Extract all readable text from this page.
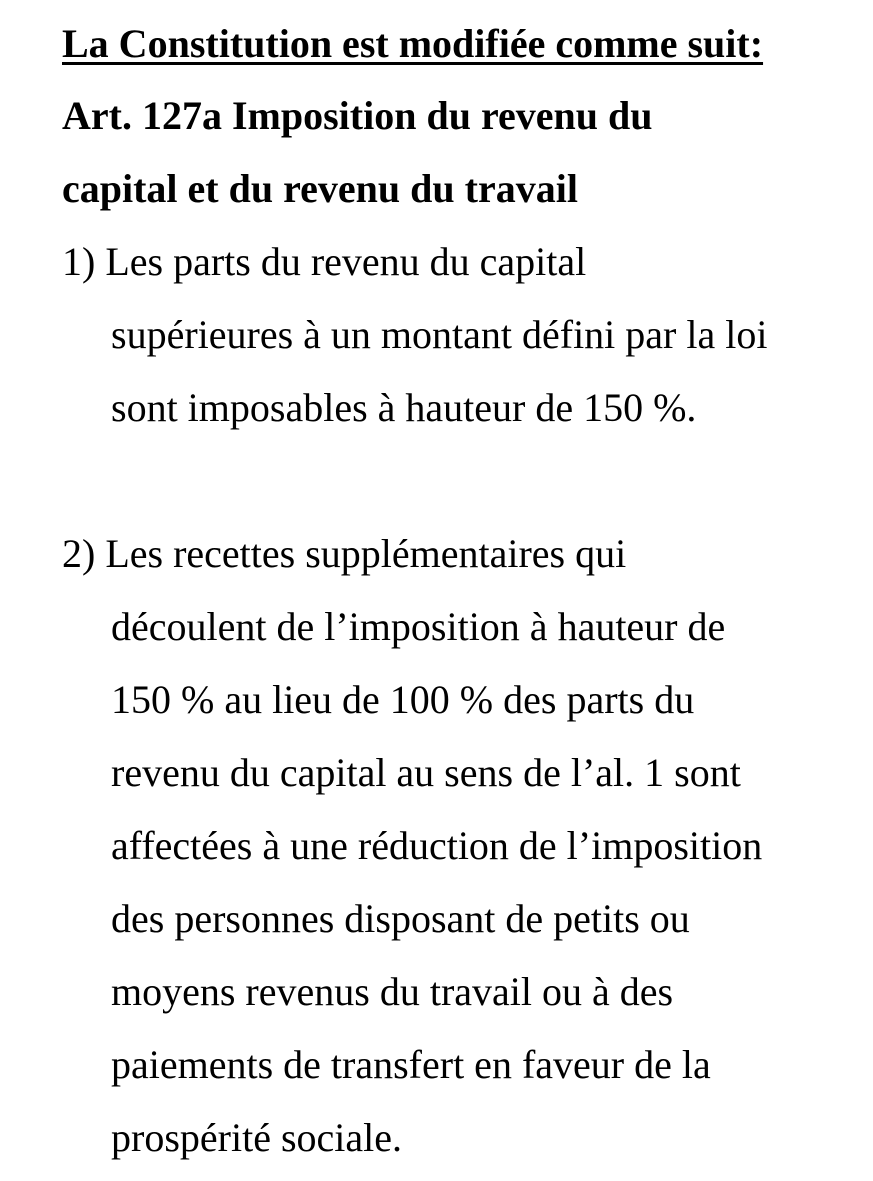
La Constitution est modifiée comme suit:
Art. 127a Imposition du revenu du
capital et du revenu du travail
1) Les parts du revenu du capital
supérieures à un montant défini par la loi
sont imposables à hauteur de 150 %.
2) Les recettes supplémentaires qui
découlent de l’imposition à hauteur de
150 % au lieu de 100 % des parts du
revenu du capital au sens de l’al. 1 sont
affectées à une réduction de l’imposition
des personnes disposant de petits ou
moyens revenus du travail ou à des
paiements de transfert en faveur de la
prospérité sociale.
